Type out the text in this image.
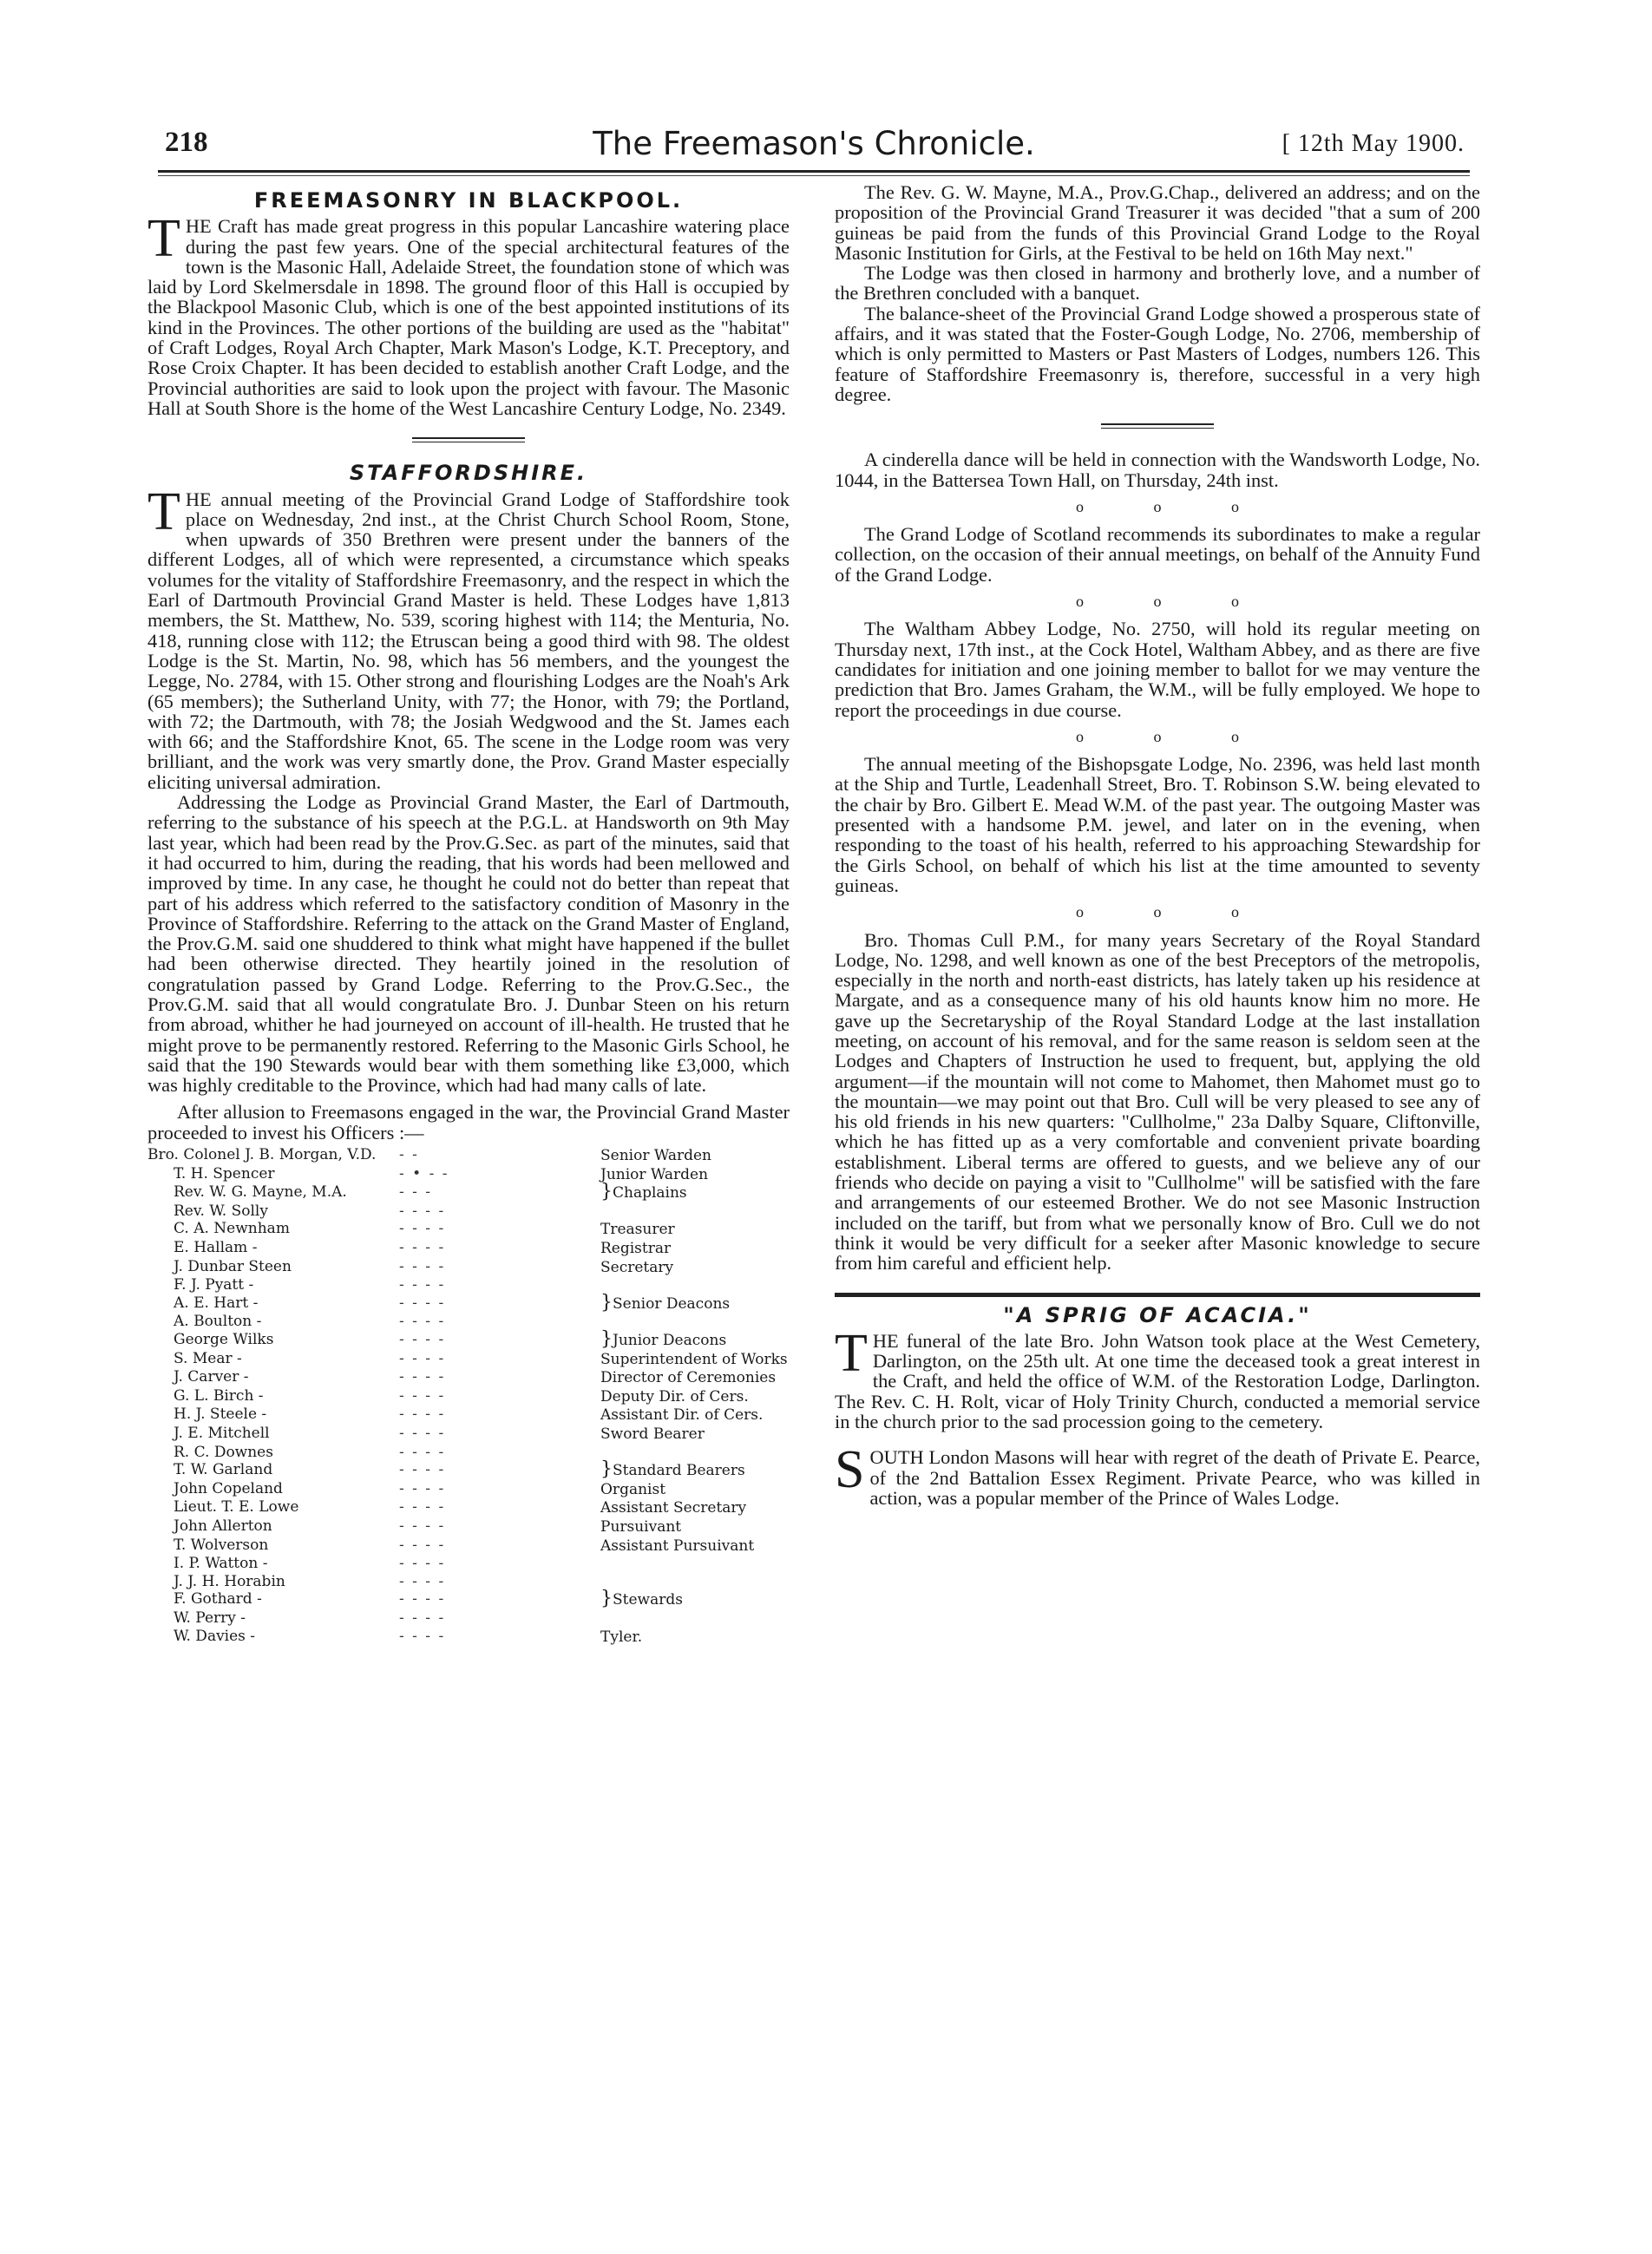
218	The Freemason's Chronicle.	[ 12th May 1900.
FREEMASONRY IN BLACKPOOL.

THE Craft has made great progress in this popular Lancashire watering place during the past few years. One of the special architectural features of the town is the Masonic Hall, Adelaide Street, the foundation stone of which was laid by Lord Skelmersdale in 1898. The ground floor of this Hall is occupied by the Blackpool Masonic Club, which is one of the best appointed institutions of its kind in the Provinces. The other portions of the building are used as the "habitat" of Craft Lodges, Royal Arch Chapter, Mark Mason's Lodge, K.T. Preceptory, and Rose Croix Chapter. It has been decided to establish another Craft Lodge, and the Provincial authorities are said to look upon the project with favour. The Masonic Hall at South Shore is the home of the West Lancashire Century Lodge, No. 2349.

STAFFORDSHIRE.

THE annual meeting of the Provincial Grand Lodge of Staffordshire took place on Wednesday, 2nd inst., at the Christ Church School Room, Stone, when upwards of 350 Brethren were present under the banners of the different Lodges, all of which were represented, a circumstance which speaks volumes for the vitality of Staffordshire Freemasonry, and the respect in which the Earl of Dartmouth Provincial Grand Master is held. These Lodges have 1,813 members, the St. Matthew, No. 539, scoring highest with 114; the Menturia, No. 418, running close with 112; the Etruscan being a good third with 98. The oldest Lodge is the St. Martin, No. 98, which has 56 members, and the youngest the Legge, No. 2784, with 15. Other strong and flourishing Lodges are the Noah's Ark (65 members); the Sutherland Unity, with 77; the Honor, with 79; the Portland, with 72; the Dartmouth, with 78; the Josiah Wedgwood and the St. James each with 66; and the Staffordshire Knot, 65. The scene in the Lodge room was very brilliant, and the work was very smartly done, the Prov. Grand Master especially eliciting universal admiration.

Addressing the Lodge as Provincial Grand Master, the Earl of Dartmouth, referring to the substance of his speech at the P.G.L. at Handsworth on 9th May last year, which had been read by the Prov.G.Sec. as part of the minutes, said that it had occurred to him, during the reading, that his words had been mellowed and improved by time. In any case, he thought he could not do better than repeat that part of his address which referred to the satisfactory condition of Masonry in the Province of Staffordshire. Referring to the attack on the Grand Master of England, the Prov.G.M. said one shuddered to think what might have happened if the bullet had been otherwise directed. They heartily joined in the resolution of congratulation passed by Grand Lodge. Referring to the Prov.G.Sec., the Prov.G.M. said that all would congratulate Bro. J. Dunbar Steen on his return from abroad, whither he had journeyed on account of ill-health. He trusted that he might prove to be permanently restored. Referring to the Masonic Girls School, he said that the 190 Stewards would bear with them something like £3,000, which was highly creditable to the Province, which had had many calls of late.

After allusion to Freemasons engaged in the war, the Provincial Grand Master proceeded to invest his Officers :—

Bro. Colonel J. B. Morgan, V.D.	- -	Senior Warden
T. H. Spencer	- • - -	Junior Warden
Rev. W. G. Mayne, M.A.	- - -	}Chaplains
Rev. W. Solly	- - - -	
C. A. Newnham	- - - -	Treasurer
E. Hallam -	- - - -	Registrar
J. Dunbar Steen	- - - -	Secretary
F. J. Pyatt -	- - - -	
A. E. Hart -	- - - -	}Senior Deacons
A. Boulton -	- - - -	
George Wilks	- - - -	}Junior Deacons
S. Mear -	- - - -	Superintendent of Works
J. Carver -	- - - -	Director of Ceremonies
G. L. Birch -	- - - -	Deputy Dir. of Cers.
H. J. Steele -	- - - -	Assistant Dir. of Cers.
J. E. Mitchell	- - - -	Sword Bearer
R. C. Downes	- - - -	
T. W. Garland	- - - -	}Standard Bearers
John Copeland	- - - -	Organist
Lieut. T. E. Lowe	- - - -	Assistant Secretary
John Allerton	- - - -	Pursuivant
T. Wolverson	- - - -	Assistant Pursuivant
I. P. Watton -	- - - -	
J. J. H. Horabin	- - - -	
F. Gothard -	- - - -	}Stewards
W. Perry -	- - - -	
W. Davies -	- - - -	Tyler.

The Rev. G. W. Mayne, M.A., Prov.G.Chap., delivered an address; and on the proposition of the Provincial Grand Treasurer it was decided "that a sum of 200 guineas be paid from the funds of this Provincial Grand Lodge to the Royal Masonic Institution for Girls, at the Festival to be held on 16th May next."

The Lodge was then closed in harmony and brotherly love, and a number of the Brethren concluded with a banquet.

The balance-sheet of the Provincial Grand Lodge showed a prosperous state of affairs, and it was stated that the Foster-Gough Lodge, No. 2706, membership of which is only permitted to Masters or Past Masters of Lodges, numbers 126. This feature of Staffordshire Freemasonry is, therefore, successful in a very high degree.

A cinderella dance will be held in connection with the Wandsworth Lodge, No. 1044, in the Battersea Town Hall, on Thursday, 24th inst.

o o o

The Grand Lodge of Scotland recommends its subordinates to make a regular collection, on the occasion of their annual meetings, on behalf of the Annuity Fund of the Grand Lodge.

o o o

The Waltham Abbey Lodge, No. 2750, will hold its regular meeting on Thursday next, 17th inst., at the Cock Hotel, Waltham Abbey, and as there are five candidates for initiation and one joining member to ballot for we may venture the prediction that Bro. James Graham, the W.M., will be fully employed. We hope to report the proceedings in due course.

o o o

The annual meeting of the Bishopsgate Lodge, No. 2396, was held last month at the Ship and Turtle, Leadenhall Street, Bro. T. Robinson S.W. being elevated to the chair by Bro. Gilbert E. Mead W.M. of the past year. The outgoing Master was presented with a handsome P.M. jewel, and later on in the evening, when responding to the toast of his health, referred to his approaching Stewardship for the Girls School, on behalf of which his list at the time amounted to seventy guineas.

o o o

Bro. Thomas Cull P.M., for many years Secretary of the Royal Standard Lodge, No. 1298, and well known as one of the best Preceptors of the metropolis, especially in the north and north-east districts, has lately taken up his residence at Margate, and as a consequence many of his old haunts know him no more. He gave up the Secretaryship of the Royal Standard Lodge at the last installation meeting, on account of his removal, and for the same reason is seldom seen at the Lodges and Chapters of Instruction he used to frequent, but, applying the old argument—if the mountain will not come to Mahomet, then Mahomet must go to the mountain—we may point out that Bro. Cull will be very pleased to see any of his old friends in his new quarters: "Cullholme," 23a Dalby Square, Cliftonville, which he has fitted up as a very comfortable and convenient private boarding establishment. Liberal terms are offered to guests, and we believe any of our friends who decide on paying a visit to "Cullholme" will be satisfied with the fare and arrangements of our esteemed Brother. We do not see Masonic Instruction included on the tariff, but from what we personally know of Bro. Cull we do not think it would be very difficult for a seeker after Masonic knowledge to secure from him careful and efficient help.

"A SPRIG OF ACACIA."

THE funeral of the late Bro. John Watson took place at the West Cemetery, Darlington, on the 25th ult. At one time the deceased took a great interest in the Craft, and held the office of W.M. of the Restoration Lodge, Darlington. The Rev. C. H. Rolt, vicar of Holy Trinity Church, conducted a memorial service in the church prior to the sad procession going to the cemetery.

SOUTH London Masons will hear with regret of the death of Private E. Pearce, of the 2nd Battalion Essex Regiment. Private Pearce, who was killed in action, was a popular member of the Prince of Wales Lodge.
